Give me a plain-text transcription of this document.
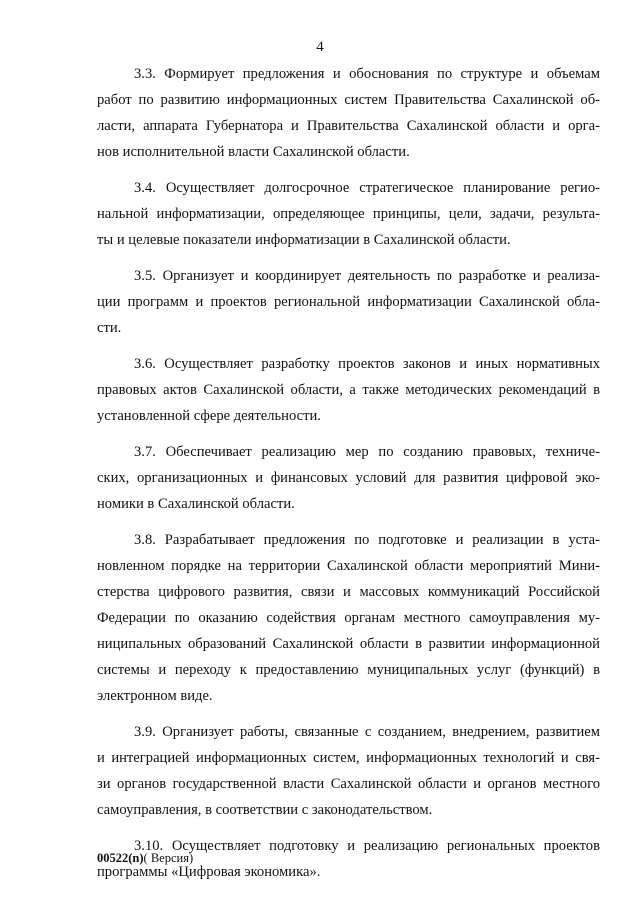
4

3.3. Формирует предложения и обоснования по структуре и объемам
работ по развитию информационных систем Правительства Сахалинской об-
ласти, аппарата Губернатора и Правительства Сахалинской области и орга-
нов исполнительной власти Сахалинской области.

3.4. Осуществляет долгосрочное стратегическое планирование регио-
нальной информатизации, определяющее принципы, цели, задачи, результа-
ты и целевые показатели информатизации в Сахалинской области.

3.5. Организует и координирует деятельность по разработке и реализа-
ции программ и проектов региональной информатизации Сахалинской обла-
сти.

3.6. Осуществляет разработку проектов законов и иных нормативных
правовых актов Сахалинской области, а также методических рекомендаций в
установленной сфере деятельности.

3.7. Обеспечивает реализацию мер по созданию правовых, техниче-
ских, организационных и финансовых условий для развития цифровой эко-
номики в Сахалинской области.

3.8. Разрабатывает предложения по подготовке и реализации в уста-
новленном порядке на территории Сахалинской области мероприятий Мини-
стерства цифрового развития, связи и массовых коммуникаций Российской
Федерации по оказанию содействия органам местного самоуправления му-
ниципальных образований Сахалинской области в развитии информационной
системы и переходу к предоставлению муниципальных услуг (функций) в
электронном виде.

3.9. Организует работы, связанные с созданием, внедрением, развитием
и интеграцией информационных систем, информационных технологий и свя-
зи органов государственной власти Сахалинской области и органов местного
самоуправления, в соответствии с законодательством.

3.10. Осуществляет подготовку и реализацию региональных проектов
программы «Цифровая экономика».

00522(n)( Версия)
